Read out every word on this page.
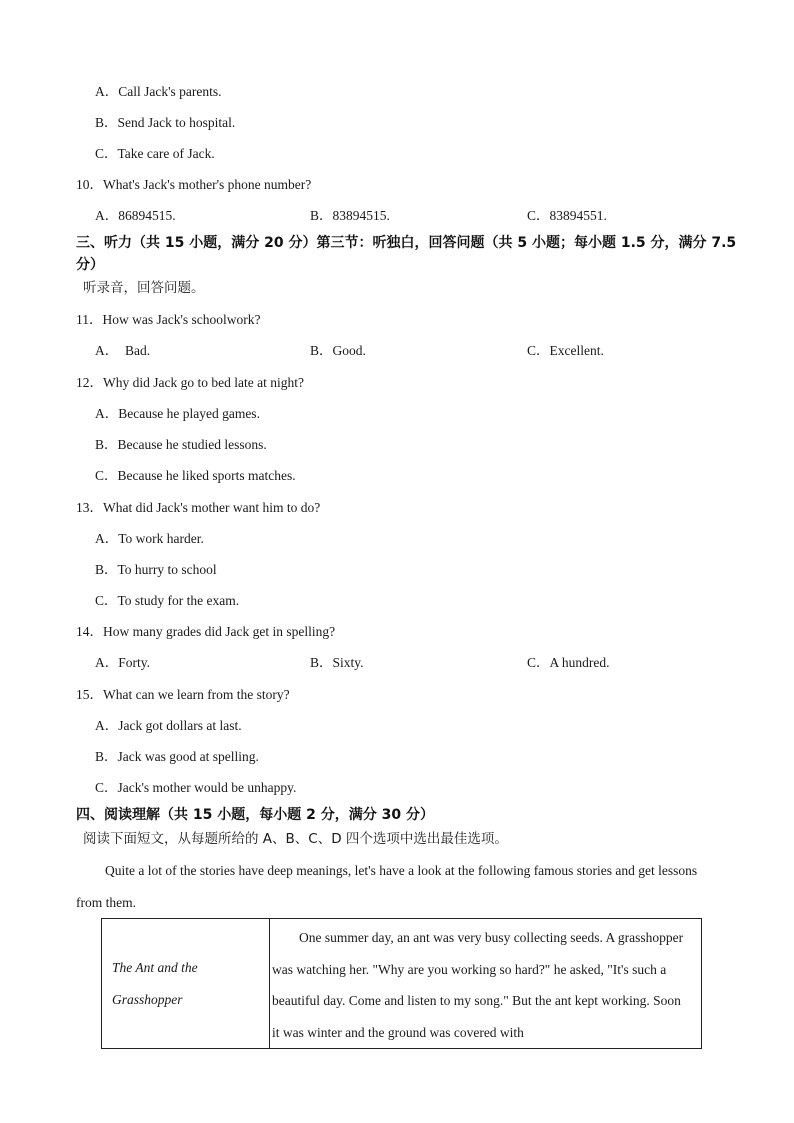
A．Call Jack's parents.
B．Send Jack to hospital.
C．Take care of Jack.
10．What's Jack's mother's phone number?
A．86894515.	B．83894515.	C．83894551.
三、听力（共 15 小题，满分 20 分）第三节：听独白，回答问题（共 5 小题；每小题 1.5 分，满分 7.5 分）
听录音，回答问题。
11．How was Jack's schoolwork?
A．  Bad.	B．Good.	C．Excellent.
12．Why did Jack go to bed late at night?
A．Because he played games.
B．Because he studied lessons.
C．Because he liked sports matches.
13．What did Jack's mother want him to do?
A．To work harder.
B．To hurry to school
C．To study for the exam.
14．How many grades did Jack get in spelling?
A．Forty.	B．Sixty.	C．A hundred.
15．What can we learn from the story?
A．Jack got dollars at last.
B．Jack was good at spelling.
C．Jack's mother would be unhappy.
四、阅读理解（共 15 小题，每小题 2 分，满分 30 分）
阅读下面短文，从每题所给的 A、B、C、D 四个选项中选出最佳选项。
Quite a lot of the stories have deep meanings, let's have a look at the following famous stories and get lessons from them.
The Ant and the Grasshopper

One summer day, an ant was very busy collecting seeds. A grasshopper was watching her. "Why are you working so hard?" he asked, "It's such a beautiful day. Come and listen to my song." But the ant kept working. Soon it was winter and the ground was covered with
